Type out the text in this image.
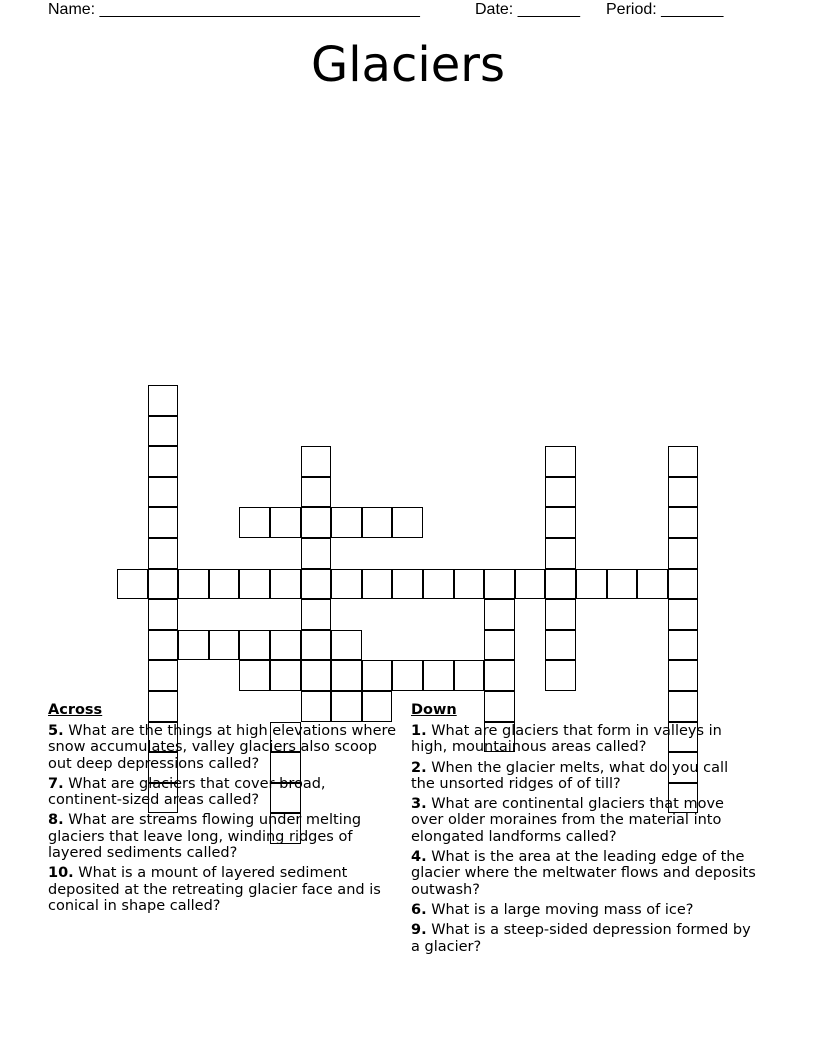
Name: ____________________________________	Date: _______ Period: _______
Glaciers
Across
5. What are the things at high elevations where snow accumulates, valley glaciers also scoop out deep depressions called?
7. What are glaciers that cover broad, continent-sized areas called?
8. What are streams flowing under melting glaciers that leave long, winding ridges of layered sediments called?
10. What is a mount of layered sediment deposited at the retreating glacier face and is conical in shape called?
Down
1. What are glaciers that form in valleys in high, mountainous areas called?
2. When the glacier melts, what do you call the unsorted ridges of of till?
3. What are continental glaciers that move over older moraines from the material into elongated landforms called?
4. What is the area at the leading edge of the glacier where the meltwater flows and deposits outwash?
6. What is a large moving mass of ice?
9. What is a steep-sided depression formed by a glacier?
